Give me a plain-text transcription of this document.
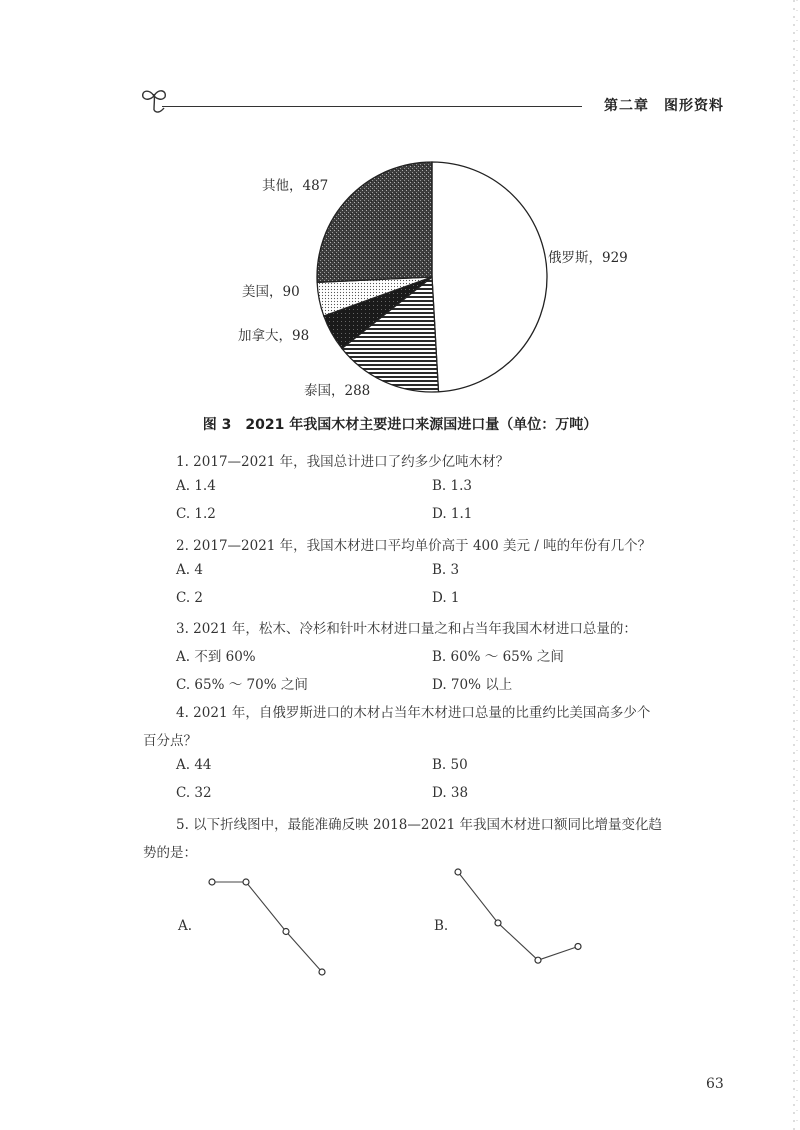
第二章　图形资料
俄罗斯，929
泰国，288
加拿大，98
美国，90
其他，487
图 3　2021 年我国木材主要进口来源国进口量（单位：万吨）
1. 2017—2021 年，我国总计进口了约多少亿吨木材？
A. 1.4	B. 1.3
C. 1.2	D. 1.1
2. 2017—2021 年，我国木材进口平均单价高于 400 美元 / 吨的年份有几个？
A. 4	B. 3
C. 2	D. 1
3. 2021 年，松木、冷杉和针叶木材进口量之和占当年我国木材进口总量的：
A. 不到 60%	B. 60% ～ 65% 之间
C. 65% ～ 70% 之间	D. 70% 以上
4. 2021 年，自俄罗斯进口的木材占当年木材进口总量的比重约比美国高多少个
百分点？
A. 44	B. 50
C. 32	D. 38
5. 以下折线图中，最能准确反映 2018—2021 年我国木材进口额同比增量变化趋
势的是：
A.	B.
63
